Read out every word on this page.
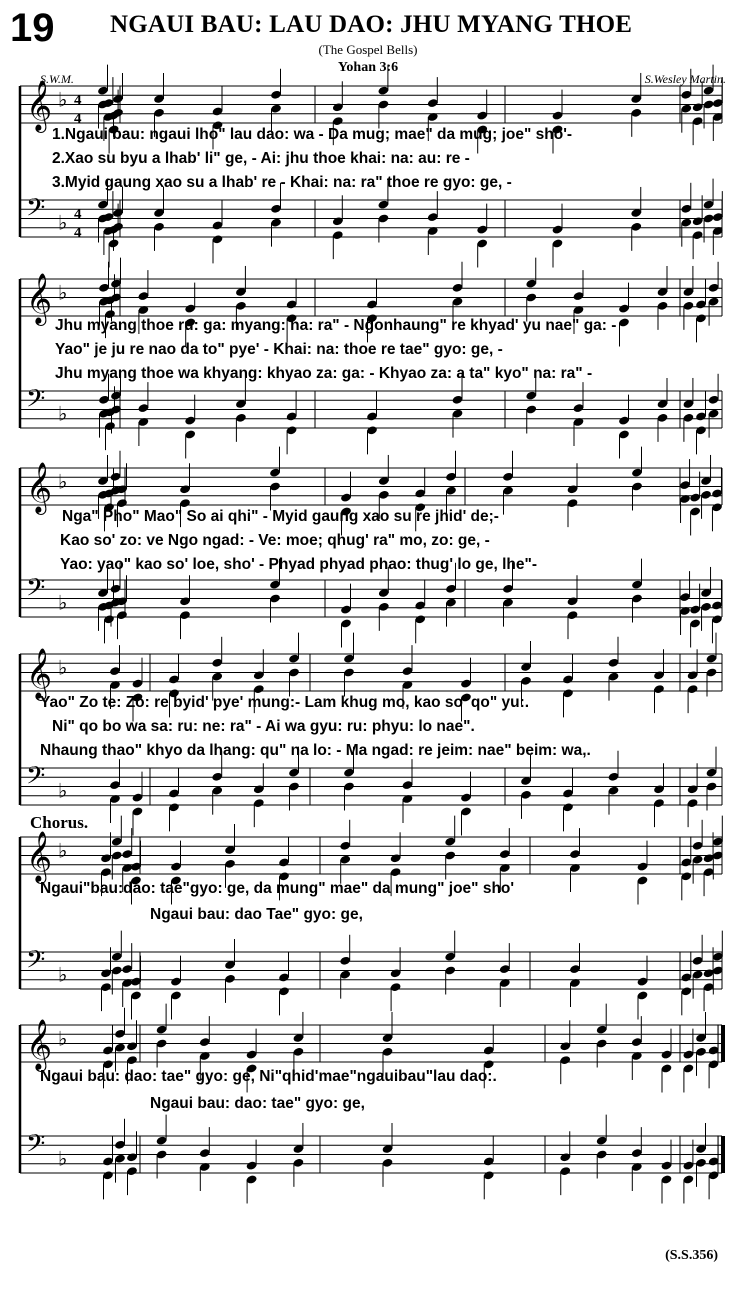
19 NGAUI BAU: LAU DAO: JHU MYANG THOE
(The Gospel Bells)
Yohan 3:6
S.W.M.	S.Wesley Martin.
𝄞 ♭ 4
4
𝄢 ♭ 4
4
𝄞 ♭
𝄢 ♭
𝄞 ♭
𝄢 ♭
𝄞 ♭
𝄢 ♭
𝄞 ♭
𝄢 ♭
𝄞 ♭
𝄢 ♭
1.Ngaui bau: ngaui lho" lau dao: wa - Da mug; mae" da mug; joe" sho'-
2.Xao su byu a lhab' li" ge, - Ai: jhu thoe khai: na: au: re -
3.Myid gaung xao su a lhab' re - Khai: na: ra" thoe re gyo: ge, -
Jhu myang thoe ru: ga: myang: na: ra" - Ngonhaung" re khyad' yu nae" ga: -
Yao" je ju re nao da to" pye' - Khai: na: thoe re tae" gyo: ge, -
Jhu myang thoe wa khyang: khyao za: ga: - Khyao za: a ta" kyo" na: ra" -
Nga" Pho" Mao" So ai qhi" - Myid gaung xao su re jhid' de;-
Kao so' zo: ve Ngo ngad: - Ve: moe; qhug' ra" mo, zo: ge, -
Yao: yao" kao so' loe, sho' - Phyad phyad phao: thug' lo ge, lhe"-
Yao" Zo te: Zo: re byid' pye' mung:- Lam khug mo, kao so' qo" yu:.
Ni" qo bo wa sa: ru: ne: ra" - Ai wa gyu: ru: phyu: lo nae".
Nhaung thao" khyo da lhang: qu" na lo: - Ma ngad: re jeim: nae" beim: wa,.
Chorus.
Ngaui"bau:dao: tae"gyo: ge, da mung" mae" da mung" joe" sho'
Ngaui bau: dao Tae" gyo: ge,
Ngaui bau: dao: tae" gyo: ge, Ni"qhid'mae"ngauibau"lau dao:.
Ngaui bau: dao: tae" gyo: ge,
(S.S.356)
